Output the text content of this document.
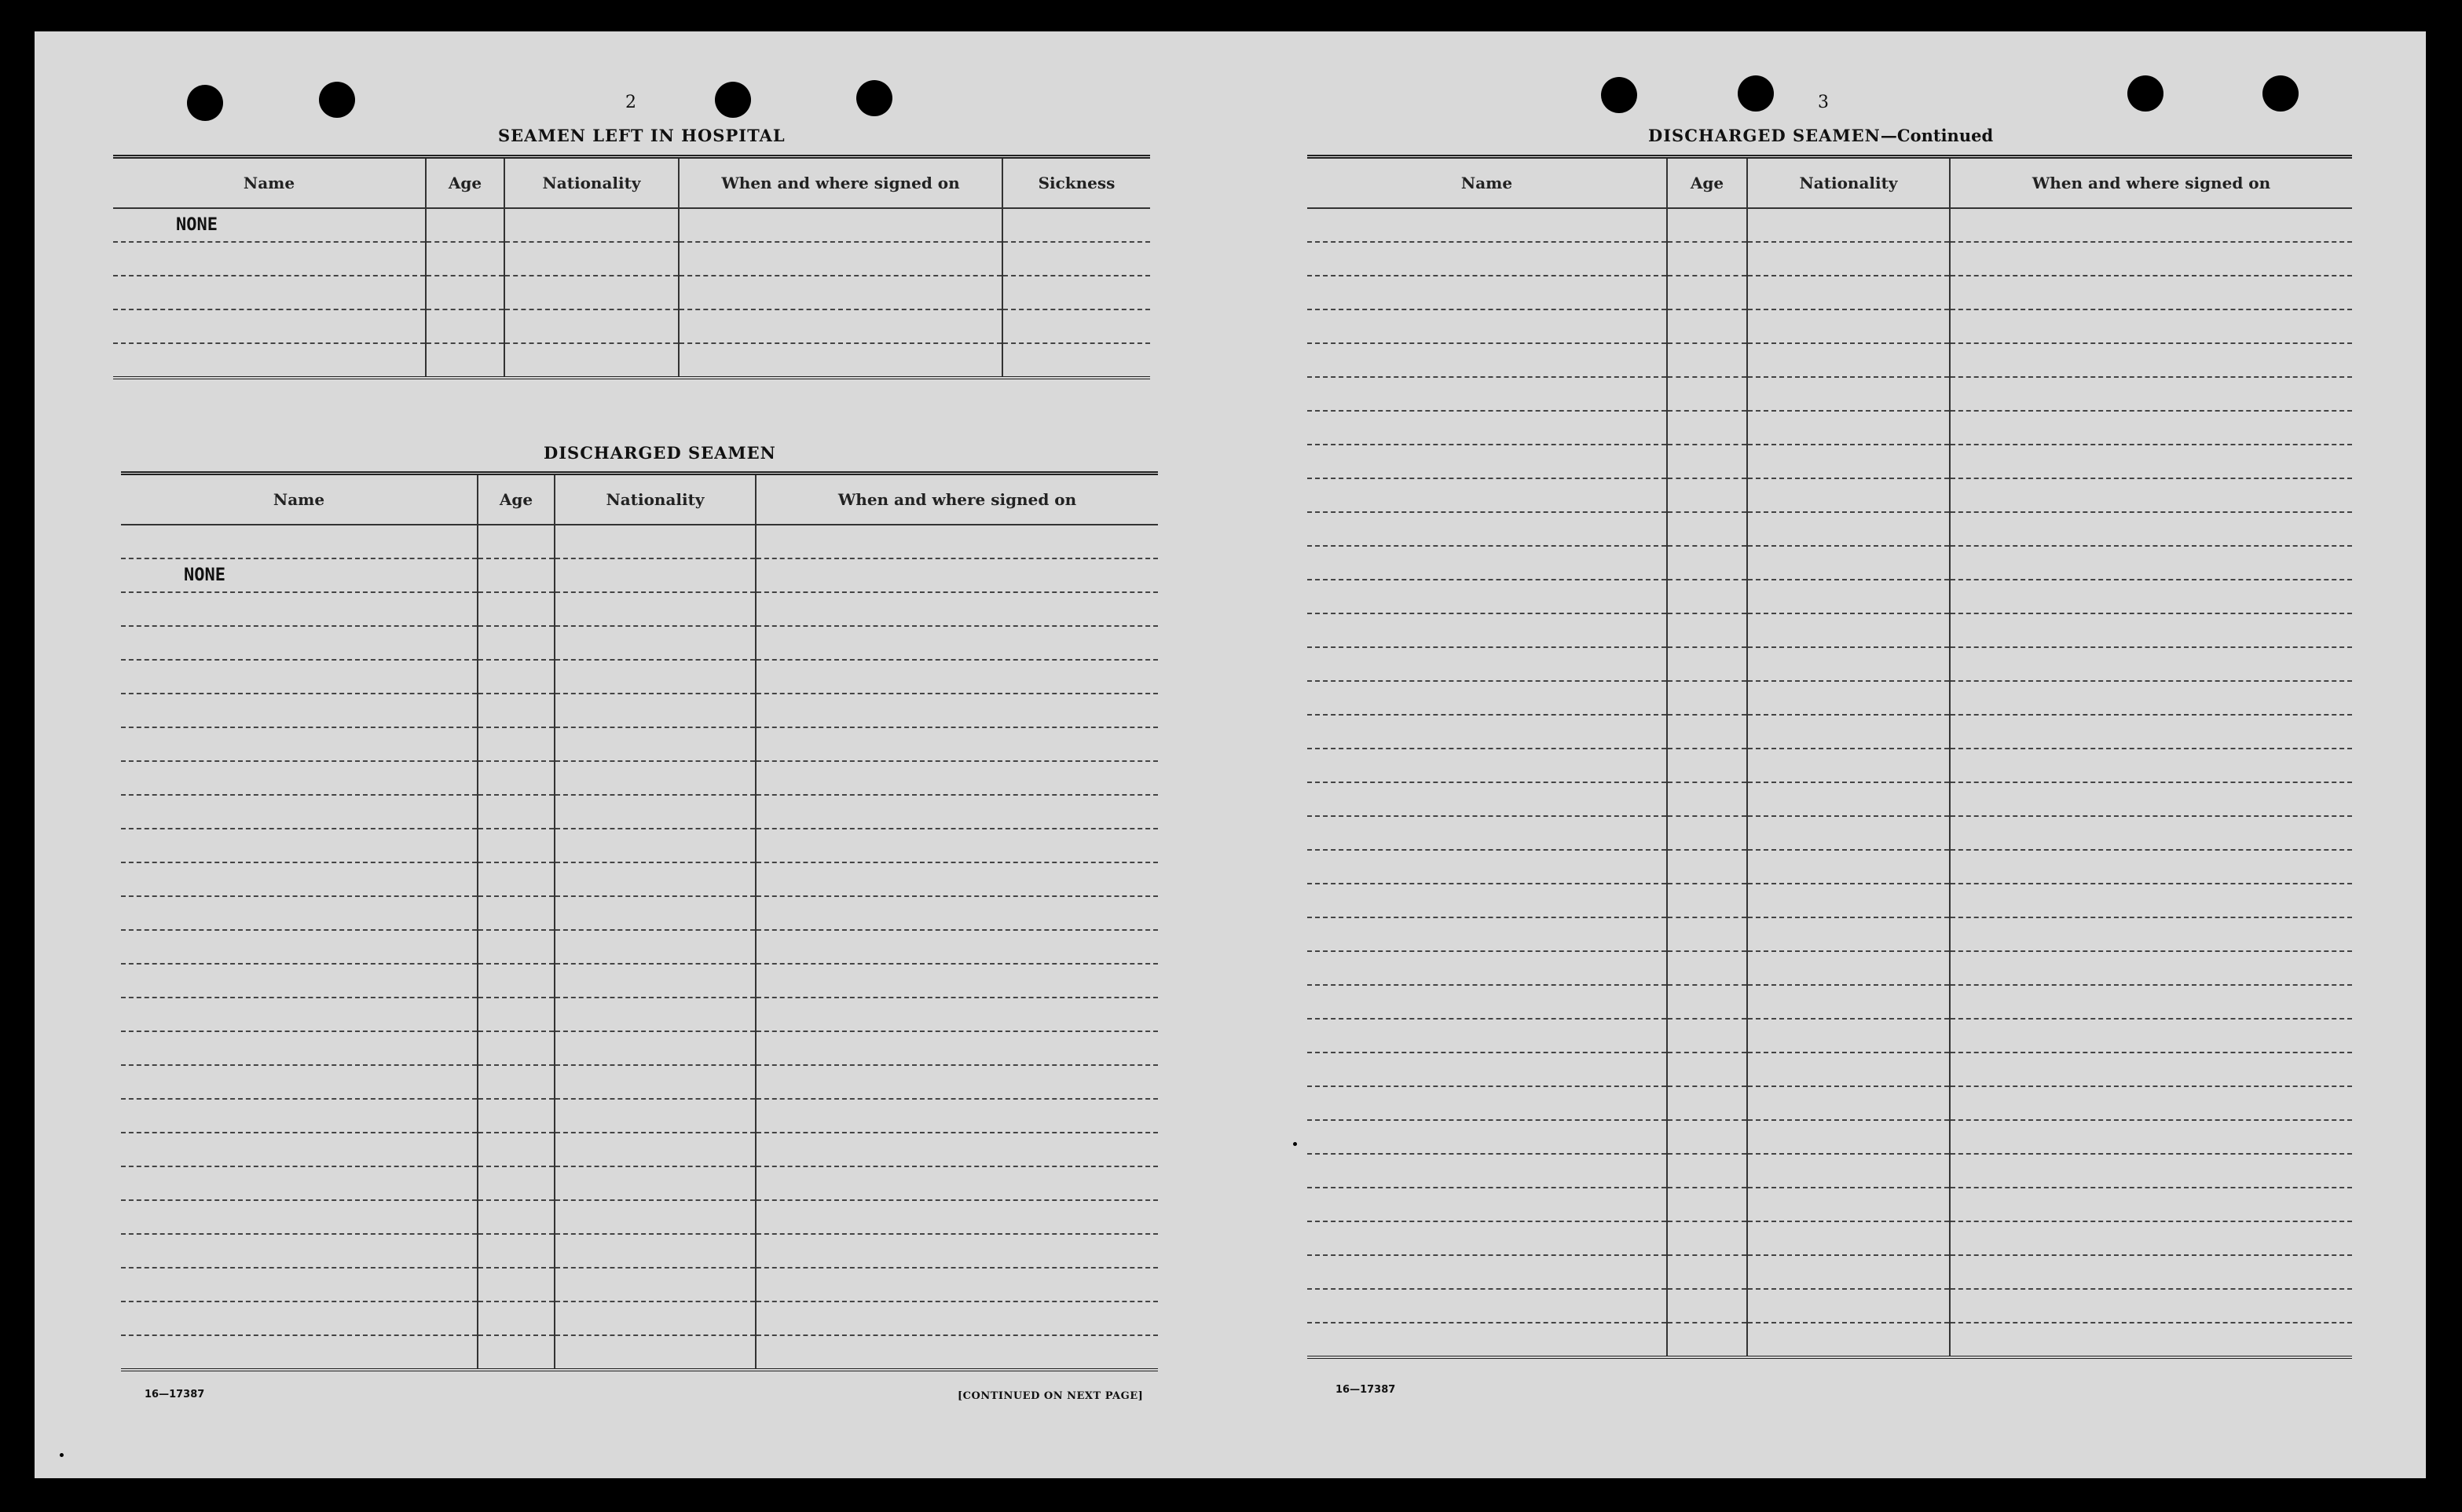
2
SEAMEN LEFT IN HOSPITAL
Name	Age	Nationality	When and where signed on	Sickness
NONE				

DISCHARGED SEAMEN
Name	Age	Nationality	When and where signed on

NONE			

16—17387	[CONTINUED ON NEXT PAGE]
3
DISCHARGED SEAMEN—Continued
Name	Age	Nationality	When and where signed on

16—17387
